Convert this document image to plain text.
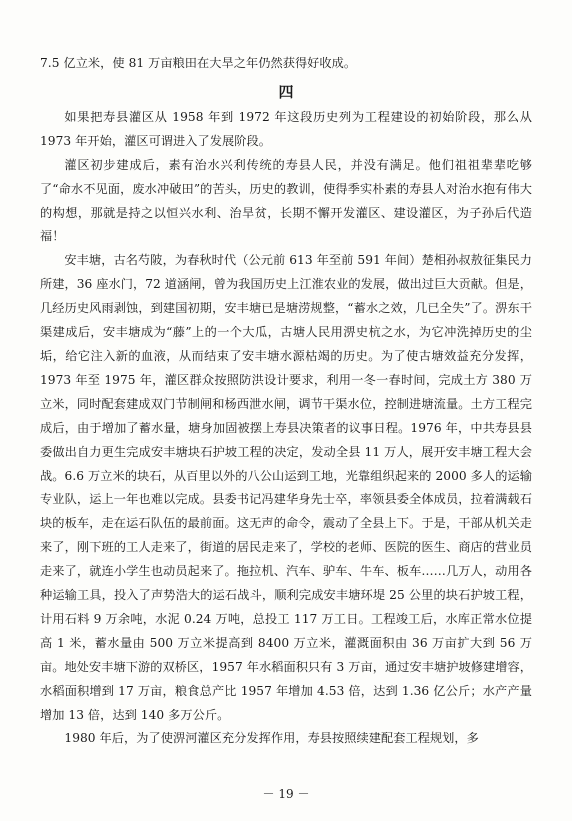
7.5 亿立米，使 81 万亩粮田在大旱之年仍然获得好收成。

四

如果把寿县灌区从 1958 年到 1972 年这段历史列为工程建设的初始阶段，那么从 1973 年开始，灌区可谓进入了发展阶段。

灌区初步建成后，素有治水兴利传统的寿县人民，并没有满足。他们祖祖辈辈吃够了“命水不见面，废水冲破田”的苦头，历史的教训，使得季实朴素的寿县人对治水抱有伟大的构想，那就是持之以恒兴水利、治旱贫，长期不懈开发灌区、建设灌区，为子孙后代造福！

安丰塘，古名芍陂，为春秋时代（公元前 613 年至前 591 年间）楚相孙叔敖征集民力所建，36 座水门，72 道涵闸，曾为我国历史上江淮农业的发展，做出过巨大贡献。但是，几经历史风雨剥蚀，到建国初期，安丰塘已是塘涝规整，“蓄水之效，几已全失”了。淠东干渠建成后，安丰塘成为“藤”上的一个大瓜，古塘人民用淠史杭之水，为它冲洗掉历史的尘垢，给它注入新的血液，从而结束了安丰塘水源枯竭的历史。为了使古塘效益充分发挥，1973 年至 1975 年，灌区群众按照防洪设计要求，利用一冬一春时间，完成土方 380 万立米，同时配套建成双门节制闸和杨西泄水闸，调节干渠水位，控制进塘流量。土方工程完成后，由于增加了蓄水量，塘身加固被摆上寿县决策者的议事日程。1976 年，中共寿县县委做出自力更生完成安丰塘块石护坡工程的决定，发动全县 11 万人，展开安丰塘工程大会战。6.6 万立米的块石，从百里以外的八公山运到工地，光靠组织起来的 2000 多人的运输专业队，运上一年也难以完成。县委书记冯建华身先士卒，率领县委全体成员，拉着满载石块的板车，走在运石队伍的最前面。这无声的命令，震动了全县上下。于是，干部从机关走来了，刚下班的工人走来了，街道的居民走来了，学校的老师、医院的医生、商店的营业员走来了，就连小学生也动员起来了。拖拉机、汽车、驴车、牛车、板车……几万人，动用各种运输工具，投入了声势浩大的运石战斗，顺利完成安丰塘环堤 25 公里的块石护坡工程，计用石料 9 万余吨，水泥 0.24 万吨，总投工 117 万工日。工程竣工后，水库正常水位提高 1 米，蓄水量由 500 万立米提高到 8400 万立米，灌溉面积由 36 万亩扩大到 56 万亩。地处安丰塘下游的双桥区，1957 年水稻面积只有 3 万亩，通过安丰塘护坡修建增容，水稻面积增到 17 万亩，粮食总产比 1957 年增加 4.53 倍，达到 1.36 亿公斤；水产产量增加 13 倍，达到 140 多万公斤。

1980 年后，为了使淠河灌区充分发挥作用，寿县按照续建配套工程规划，多

－ 19 －
